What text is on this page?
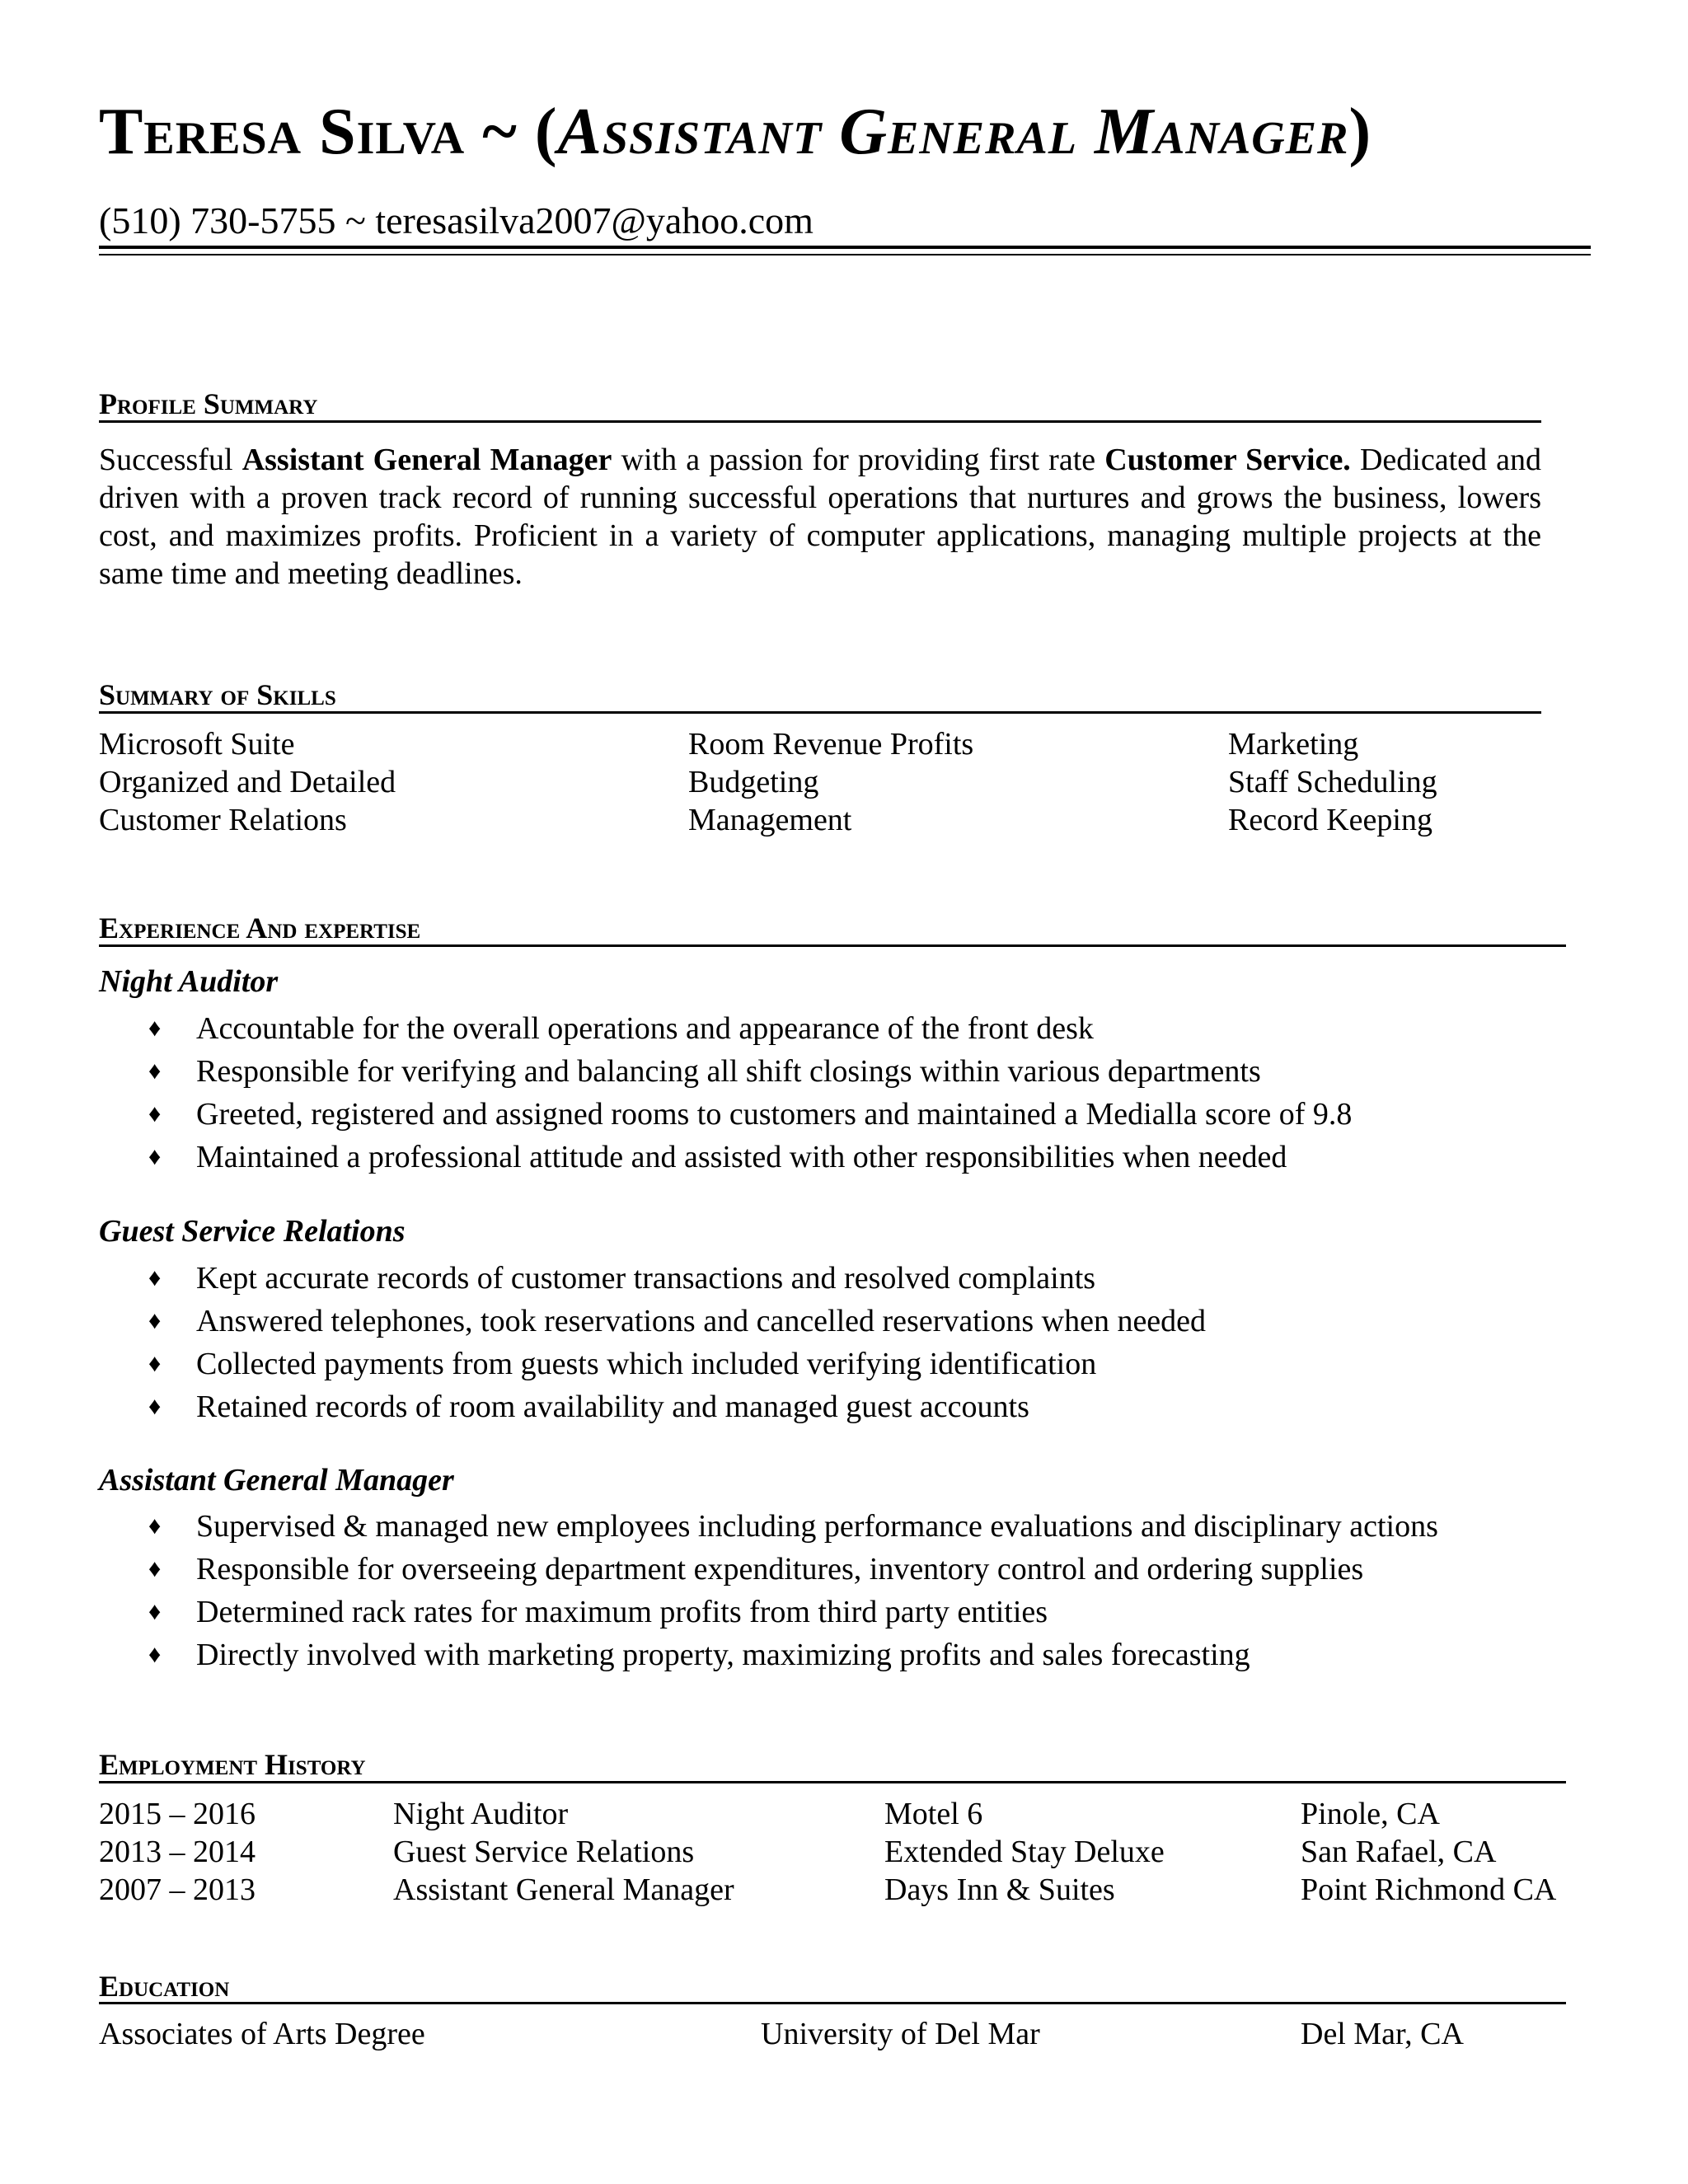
Teresa Silva ~ (Assistant General Manager)
(510) 730-5755 ~ teresasilva2007@yahoo.com
Profile Summary
Successful Assistant General Manager with a passion for providing first rate Customer Service. Dedicated and driven with a proven track record of running successful operations that nurtures and grows the business, lowers cost, and maximizes profits. Proficient in a variety of computer applications, managing multiple projects at the same time and meeting deadlines.
Summary of Skills
Microsoft Suite	Room Revenue Profits	Marketing
Organized and Detailed	Budgeting	Staff Scheduling
Customer Relations	Management	Record Keeping
Experience And expertise
Night Auditor
♦	Accountable for the overall operations and appearance of the front desk
♦	Responsible for verifying and balancing all shift closings within various departments
♦	Greeted, registered and assigned rooms to customers and maintained a Medialla score of 9.8
♦	Maintained a professional attitude and assisted with other responsibilities when needed
Guest Service Relations
♦	Kept accurate records of customer transactions and resolved complaints
♦	Answered telephones, took reservations and cancelled reservations when needed
♦	Collected payments from guests which included verifying identification
♦	Retained records of room availability and managed guest accounts
Assistant General Manager
♦	Supervised & managed new employees including performance evaluations and disciplinary actions
♦	Responsible for overseeing department expenditures, inventory control and ordering supplies
♦	Determined rack rates for maximum profits from third party entities
♦	Directly involved with marketing property, maximizing profits and sales forecasting
Employment History
2015 – 2016	Night Auditor	Motel 6	Pinole, CA
2013 – 2014	Guest Service Relations	Extended Stay Deluxe	San Rafael, CA
2007 – 2013	Assistant General Manager	Days Inn & Suites	Point Richmond CA
Education
Associates of Arts Degree	University of Del Mar	Del Mar, CA
